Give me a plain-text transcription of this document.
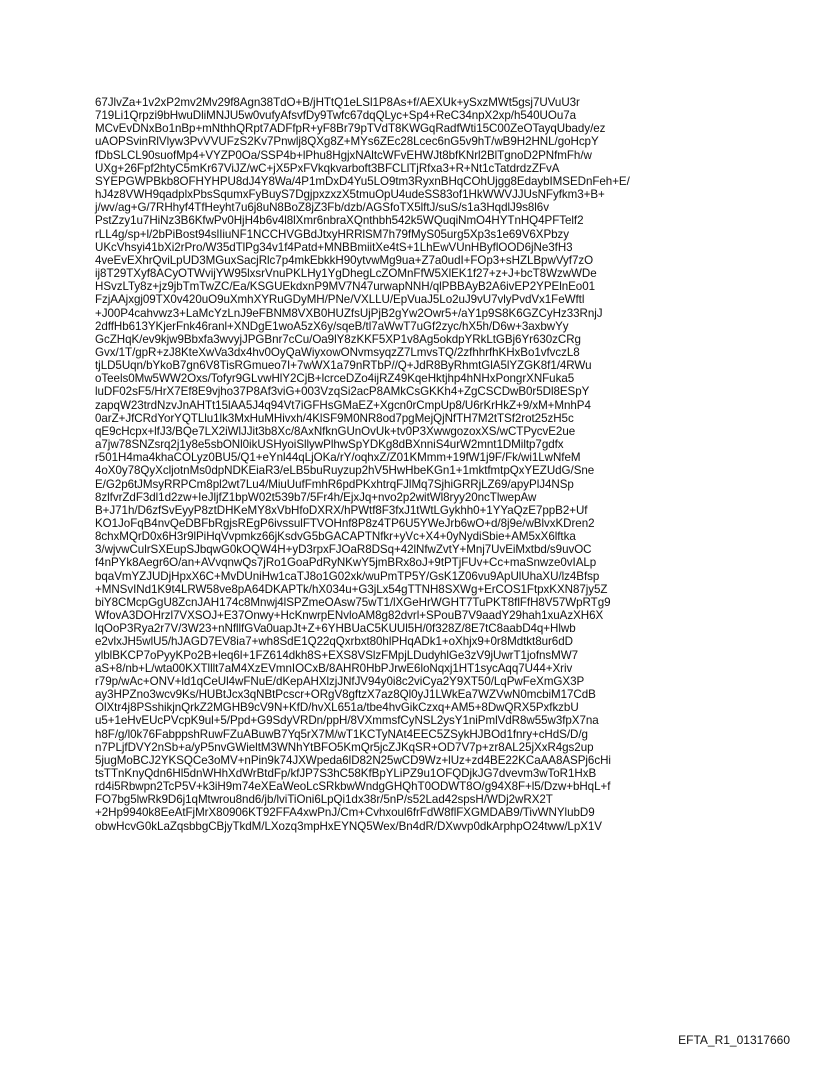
67JlvZa+1v2xP2mv2Mv29f8Agn38TdO+B/jHTtQ1eLSl1P8As+f/AEXUk+ySxzMWt5gsj7UVuU3r
719Li1Qrpzi9bHwuDliMNJU5w0vufyAfsvfDy9Twfc67dqQLyc+Sp4+ReC34npX2xp/h540UOu7a
MCvEvDNxBo1nBp+mNthhQRpt7ADFfpR+yF8Br79pTVdT8KWGqRadfWti15C00ZeOTayqUbady/ez
uAOPSvinRlVlyw3PvVVUFzS2Kv7Pnwlj8QXg8Z+MYs6ZEc28Lcec6nG5v9hT/wB9H2HNL/goHcpY
fDbSLCL90suofMp4+VYZP0Oa/SSP4b+lPhu8HgjxNAltcWFvEHWJt8bfKNrl2BlTgnoD2PNfmFh/w
UXg+26Fpf2htyC5mKr67ViJZ/wC+jX5PxFVkqkvarboft3BFCLlTjRfxa3+R+Nt1cTatdrdzZFvA
SYEPGWPBkb8OFHYHPU8dJ4Y8Wa/4P1mDxD4Yu5LO9tm3RyxnBHqCOhUjgg8EdaybIMSEDnFeh+E/
hJ4z8VWH9qadplxPbsSqumxFyBuyS7DgjpxzxzX5tmuOpU4udeSS83of1HkWWVJJUsNFyfkm3+B+
j/wv/ag+G/7RHhyf4TfHeyht7u6j8uN8BoZ8jZ3Fb/dzb/AGSfoTX5lftJ/suS/s1a3HqdlJ9s8l6v
PstZzy1u7HiNz3B6KfwPv0HjH4b6v4l8lXmr6nbraXQnthbh542k5WQuqiNmO4HYTnHQ4PFTelf2
rLL4g/sp+l/2bPiBost94slIiuNF1NCCHVGBdJtxyHRRlSM7h79fMyS05urg5Xp3s1e69V6XPbzy
UKcVhsyi41bXi2rPro/W35dTlPg34v1f4Patd+MNBBmiitXe4tS+1LhEwVUnHByflOOD6jNe3fH3
4veEvEXhrQviLpUD3MGuxSacjRlc7p4mkEbkkH90ytvwMg9ua+Z7a0udI+FOp3+sHZLBpwVyf7zO
ij8T29TXyf8ACyOTWvijYW95lxsrVnuPKLHy1YgDhegLcZOMnFfW5XlEK1f27+z+J+bcT8WzwWDe
HSvzLTy8z+jz9jbTmTwZC/Ea/KSGUEkdxnP9MV7N47urwapNNH/qlPBBAyB2A6ivEP2YPElnEo01
FzjAAjxgj09TX0v420uO9uXmhXYRuGDyMH/PNe/VXLLU/EpVuaJ5Lo2uJ9vU7vlyPvdVx1FeWftl
+J00P4cahvwz3+LaMcYzLnJ9eFBNM8VXB0HUZfsUjPjB2gYw2Owr5+/aY1p9S8K6GZCyHz33RnjJ
2dffHb613YKjerFnk46ranl+XNDgE1woA5zX6y/sqeB/tl7aWwT7uGf2zyc/hX5h/D6w+3axbwYy
GcZHqK/ev9kjw9Bbxfa3wvyjJPGBnr7cCu/Oa9lY8zKKF5XP1v8Ag5okdpYRkLtGBj6Yr630zCRg
Gvx/1T/gpR+zJ8KteXwVa3dx4hv0OyQaWiyxowONvmsyqzZ7LmvsTQ/2zfhhrfhKHxBo1vfvczL8
tjLD5Uqn/bYkoB7gn6V8TisRGmueo7I+7wWX1a79nRTbP//Q+JdR8ByRhmtGlA5lYZGK8f1/4RWu
oTeels0Mw5WW2Oxs/Tofyr9GLvwHlY2CjB+lcrceDZo4ijRZ49KqeHktjhp4hNHxPongrXNFuka5
luDF02sF5/HrX7Ef8E9vjho37P8Af3viG+003VzqSi2acP8AMkCsGKKh4+ZgCSCDwB0r5Dl8ESpY
zapqW23trdNzvJnAHTt15lAA5J4q94Vt7iGFHsGMaEZ+Xgcn0rCmpUp8/U6rKrHkZ+9/xM+MnhP4
0arZ+JfCRdYorYQTLlu1lk3MxHuMHivxh/4KlSF9M0NR8od7pgMejQjNfTH7M2tTSf2rot25zH5c
qE9cHcpx+lfJ3/BQe7LX2iWlJJit3b8Xc/8AxNfknGUnOvUk+tv0P3XwwgozoxXS/wCTPycvE2ue
a7jw78SNZsrq2j1y8e5sbONl0ikUSHyoiSllywPlhwSpYDKg8dBXnniS4urW2mnt1DMiltp7gdfx
r501H4ma4khaCOLyz0BU5/Q1+eYnl44qLjOKa/rY/oqhxZ/Z01KMmm+19fW1j9F/Fk/wi1LwNfeM
4oX0y78QyXcljotnMs0dpNDKEiaR3/eLB5buRuyzup2hV5HwHbeKGn1+1mktfmtpQxYEZUdG/Sne
E/G2p6tJMsyRRPCm8pl2wt7Lu4/MiuUufFmhR6pdPKxhtrqFJlMq7SjhiGRRjLZ69/apyPlJ4NSp
8zlfvrZdF3dl1d2zw+IeJljfZ1bpW02t539b7/5Fr4h/EjxJq+nvo2p2witWl8ryy20ncTlwepAw
B+J71h/D6zfSvEyyP8ztDHKeMY8xVbHfoDXRX/hPWtf8F3fxJ1tWtLGykhh0+1YYaQzE7ppB2+Uf
KO1JoFqB4nvQeDBFbRgjsREgP6ivssulFTVOHnf8P8z4TP6U5YWeJrb6wO+d/8j9e/wBlvxKDren2
8chxMQrD0x6H3r9lPiHqVvpmkz66jKsdvG5bGACAPTNfkr+yVc+X4+0yNydiSbie+AM5xX6lftka
3/wjvwCulrSXEupSJbqwG0kOQW4H+yD3rpxFJOaR8DSq+42lNfwZvtY+Mnj7UvEiMxtbd/s9uvOC
f4nPYk8Aegr6O/an+AVvqnwQs7jRo1GoaPdRyNKwY5jmBRx8oJ+9tPTjFUv+Cc+maSnwze0vIALp
bqaVmYZJUDjHpxX6C+MvDUniHw1caTJ8o1G02xk/wuPmTP5Y/GsK1Z06vu9ApUlUhaXU/lz4Bfsp
+MNSvINd1K9t4LRW58ve8pA64DKAPTk/hX034u+G3jLx54gTTNH8SXWg+ErCOS1FtpxKXN87jy5Z
biY8CMcpGgU8ZcnJAH174c8Mnwj4lSPZmeOAsw75wT1/lXGeHrWGHT7TuPKT8flFfH8V57WpRTg9
WfovA3DOHrzl7VXSOJ+E37Onwy+HcKnwrpENvloAM8g82dvrl+SPouB7V9aadY29hah1xuAzXH6X
lqOoP3Rya2r7V/3W23+nNfllfGVa0uapJt+Z+6YHBUaC5KUUl5H/0f328Z/8E7tC8aabD4q+Hlwb
e2vlxJH5wlU5/hJAGD7EV8ia7+wh8SdE1Q22qQxrbxt80hlPHqADk1+oXhjx9+0r8Mdtkt8ur6dD
ylblBKCP7oPyyKPo2B+leq6l+1FZ614dkh8S+EXS8VSlzFMpjLDudyhlGe3zV9jUwrT1jofnsMW7
aS+8/nb+L/wta00KXTlllt7aM4XzEVmnIOCxB/8AHR0HbPJrwE6loNqxj1HT1sycAqq7U44+Xriv
r79p/wAc+ONV+ld1qCeUl4wFNuE/dKepAHXlzjJNfJV94y0i8c2viCya2Y9XT50/LqPwFeXmGX3P
ay3HPZno3wcv9Ks/HUBtJcx3qNBtPcscr+ORgV8gftzX7az8Ql0yJ1LWkEa7WZVwN0mcbiM17CdB
OlXtr4j8PSshikjnQrkZ2MGHB9cV9N+KfD/hvXL651a/tbe4hvGikCzxq+AM5+8DwQRX5PxfkzbU
u5+1eHvEUcPVcpK9ul+5/Ppd+G9SdyVRDn/ppH/8VXmmsfCyNSL2ysY1niPmlVdR8w55w3fpX7na
h8F/g/l0k76FabppshRuwFZuABuwB7Yq5rX7M/wT1KCTyNAt4EEC5ZSykHJBOd1fnry+cHdS/D/g
n7PLjfDVY2nSb+a/yP5nvGWieltM3WNhYtBFO5KmQr5jcZJKqSR+OD7V7p+zr8AL25jXxR4gs2up
5jugMoBCJ2YKSQCe3oMV+nPin9k74JXWpeda6lD82N25wCD9Wz+lUz+zd4BE22KCaAA8ASPj6cHi
tsTTnKnyQdn6Hl5dnWHhXdWrBtdFp/kfJP7S3hC58KfBpYLiPZ9u1OFQDjkJG7dvevm3wToR1HxB
rd4i5Rbwpn2TcP5V+k3iH9m74eXEaWeoLcSRkbwWndgGHQhT0ODWT8O/g94X8F+l5/Dzw+bHqL+f
FO7bg5lwRk9D6j1qMtwrou8nd6/jb/lviTiOni6LpQi1dx38r/5nP/s52Lad42spsH/WDj2wRX2T
+2Hp9940k8EeAtFjMrX80906KT92FFA4xwPnJ/Cm+Cvhxoul6frFdW8flFXGMDAB9/TivWNYlubD9
obwHcvG0kLaZqsbbgCBjyTkdM/LXozq3mpHxEYNQ5Wex/Bn4dR/DXwvp0dkArphpO24tww/LpX1V
EFTA_R1_01317660
